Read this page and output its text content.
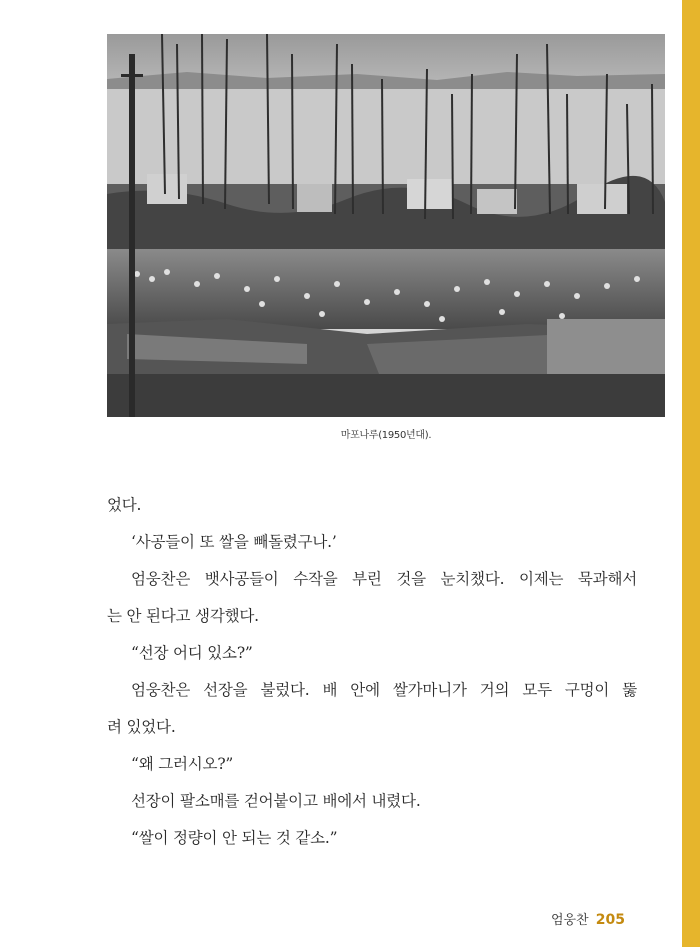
마포나루(1950년대).
었다.
‘사공들이 또 쌀을 빼돌렸구나.’
엄웅찬은 뱃사공들이 수작을 부린 것을 눈치챘다. 이제는 묵과해서
는 안 된다고 생각했다.
“선장 어디 있소?”
엄웅찬은 선장을 불렀다. 배 안에 쌀가마니가 거의 모두 구멍이 뚫
려 있었다.
“왜 그러시오?”
선장이 팔소매를 걷어붙이고 배에서 내렸다.
“쌀이 정량이 안 되는 것 같소.”
엄웅찬 205
